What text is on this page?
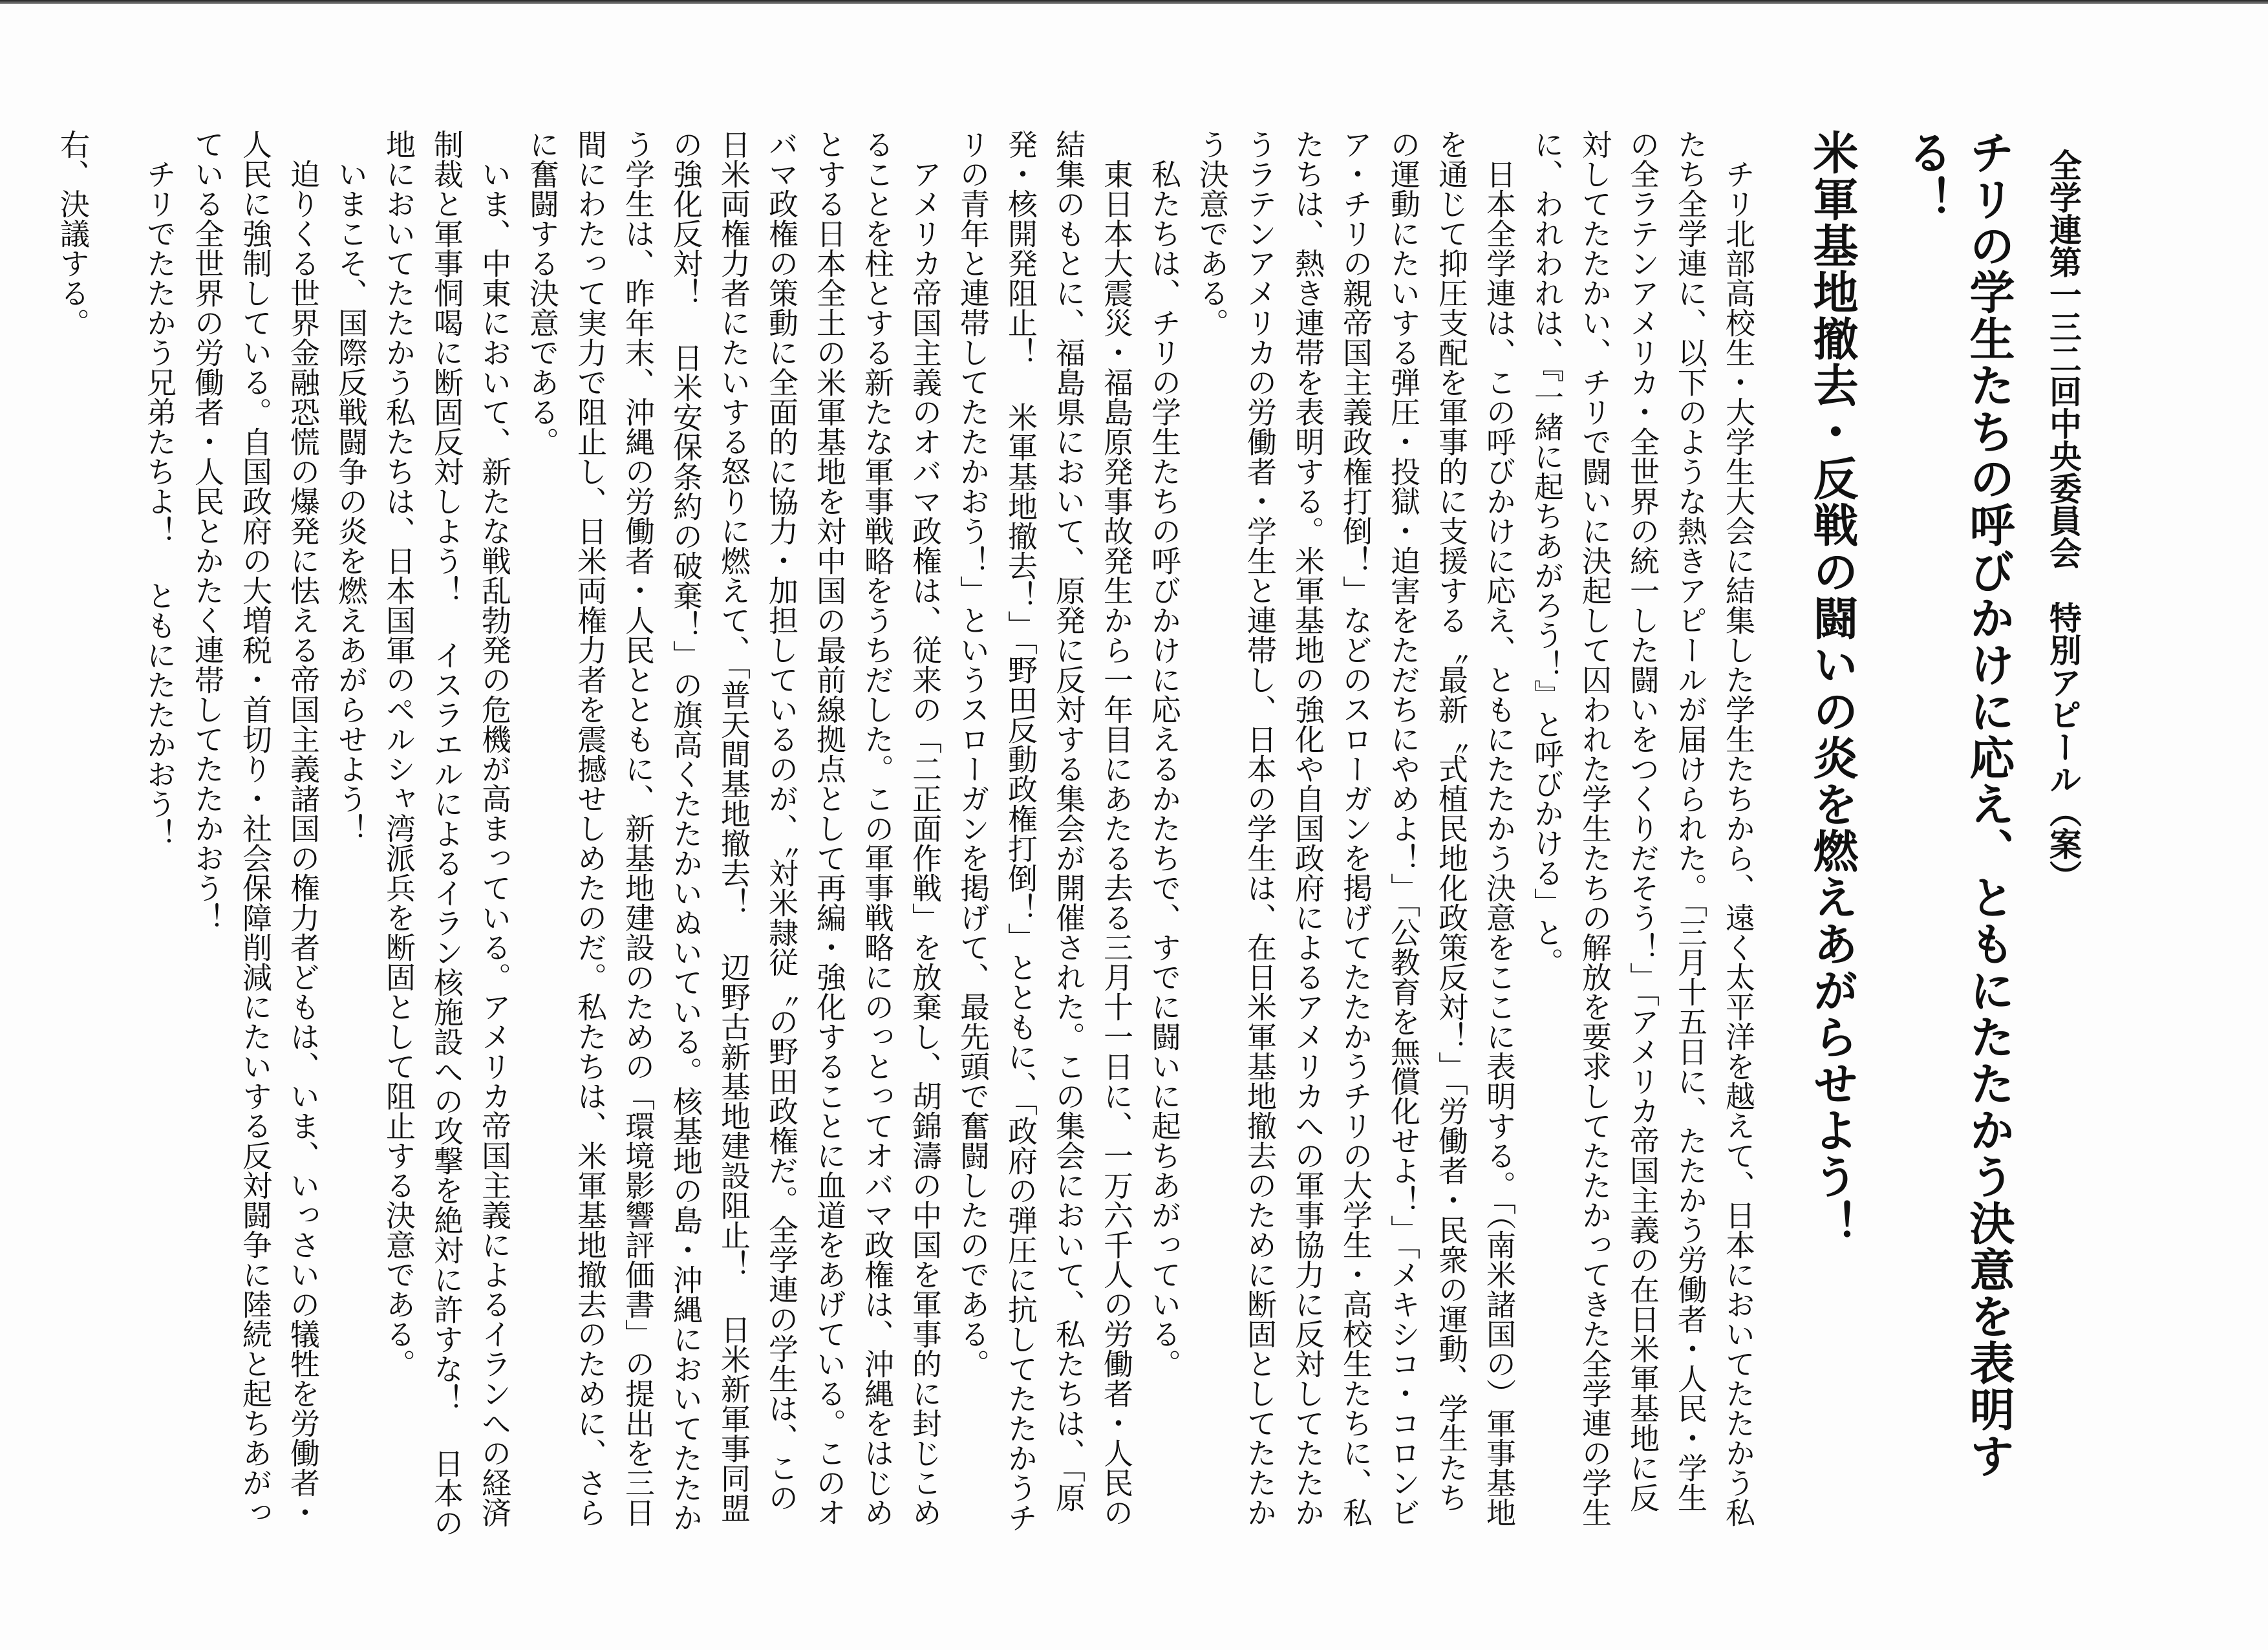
全学連第一三二回中央委員会特別アピール（案）
チリの学生たちの呼びかけに応え、ともにたたかう決意を表明する！
米軍基地撤去・反戦の闘いの炎を燃えあがらせよう！

チリ北部高校生・大学生大会に結集した学生たちから、遠く太平洋を越えて、日本においてたたかう私たち全学連に、以下のような熱きアピールが届けられた。「三月十五日に、たたかう労働者・人民・学生の全ラテンアメリカ・全世界の統一した闘いをつくりだそう！」「アメリカ帝国主義の在日米軍基地に反対してたたかい、チリで闘いに決起して囚われた学生たちの解放を要求してたたかってきた全学連の学生に、われわれは、『一緒に起ちあがろう！』と呼びかける」と。

日本全学連は、この呼びかけに応え、ともにたたかう決意をここに表明する。「（南米諸国の）軍事基地を通じて抑圧支配を軍事的に支援する〝最新〝式植民地化政策反対！」「労働者・民衆の運動、学生たちの運動にたいする弾圧・投獄・迫害をただちにやめよ！」「公教育を無償化せよ！」「メキシコ・コロンビア・チリの親帝国主義政権打倒！」などのスローガンを掲げてたたかうチリの大学生・高校生たちに、私たちは、熱き連帯を表明する。米軍基地の強化や自国政府によるアメリカへの軍事協力に反対してたたかうラテンアメリカの労働者・学生と連帯し、日本の学生は、在日米軍基地撤去のために断固としてたたかう決意である。

私たちは、チリの学生たちの呼びかけに応えるかたちで、すでに闘いに起ちあがっている。

東日本大震災・福島原発事故発生から一年目にあたる去る三月十一日に、一万六千人の労働者・人民の結集のもとに、福島県において、原発に反対する集会が開催された。この集会において、私たちは、「原発・核開発阻止！ 米軍基地撤去！」「野田反動政権打倒！」とともに、「政府の弾圧に抗してたたかうチリの青年と連帯してたたかおう！」というスローガンを掲げて、最先頭で奮闘したのである。

アメリカ帝国主義のオバマ政権は、従来の「二正面作戦」を放棄し、胡錦濤の中国を軍事的に封じこめることを柱とする新たな軍事戦略をうちだした。この軍事戦略にのっとってオバマ政権は、沖縄をはじめとする日本全土の米軍基地を対中国の最前線拠点として再編・強化することに血道をあげている。このオバマ政権の策動に全面的に協力・加担しているのが、〝対米隷従〝の野田政権だ。全学連の学生は、この日米両権力者にたいする怒りに燃えて、「普天間基地撤去！ 辺野古新基地建設阻止！ 日米新軍事同盟の強化反対！ 日米安保条約の破棄！」の旗高くたたかいぬいている。核基地の島・沖縄においてたたかう学生は、昨年末、沖縄の労働者・人民とともに、新基地建設のための「環境影響評価書」の提出を三日間にわたって実力で阻止し、日米両権力者を震撼せしめたのだ。私たちは、米軍基地撤去のために、さらに奮闘する決意である。

いま、中東において、新たな戦乱勃発の危機が高まっている。アメリカ帝国主義によるイランへの経済制裁と軍事恫喝に断固反対しよう！ イスラエルによるイラン核施設への攻撃を絶対に許すな！ 日本の地においてたたかう私たちは、日本国軍のペルシャ湾派兵を断固として阻止する決意である。

いまこそ、国際反戦闘争の炎を燃えあがらせよう！

迫りくる世界金融恐慌の爆発に怯える帝国主義諸国の権力者どもは、いま、いっさいの犠牲を労働者・人民に強制している。自国政府の大増税・首切り・社会保障削減にたいする反対闘争に陸続と起ちあがっている全世界の労働者・人民とかたく連帯してたたかおう！

チリでたたかう兄弟たちよ！ ともにたたかおう！

右、決議する。
